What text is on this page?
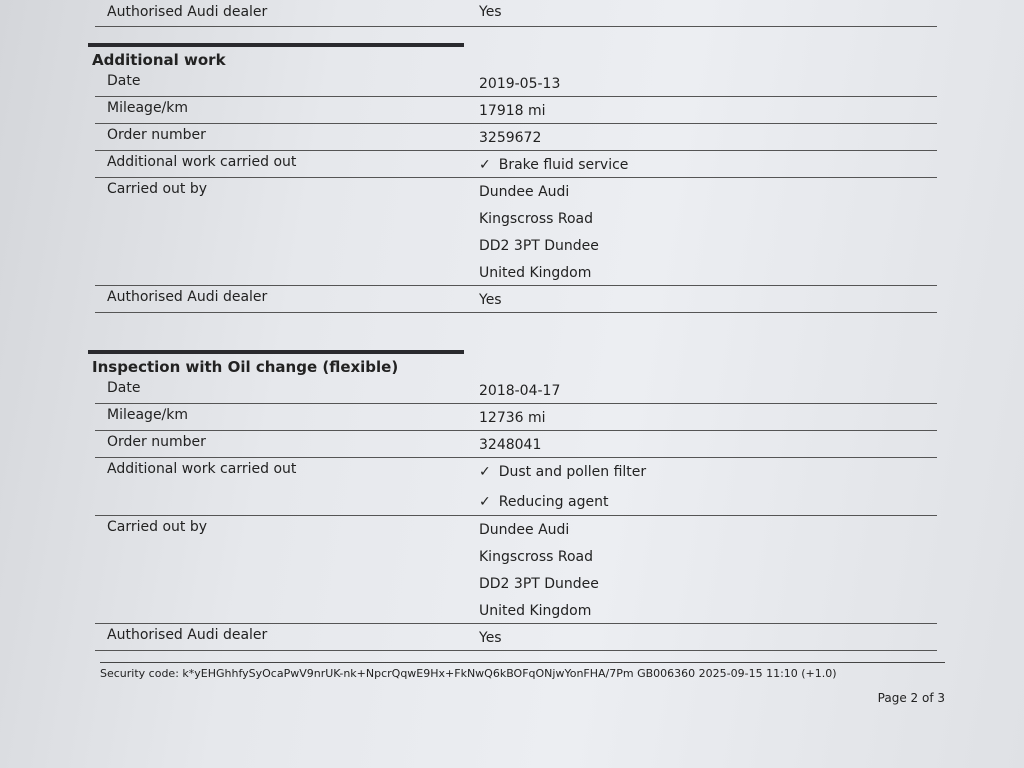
Authorised Audi dealer	Yes
Additional work
Date	2019-05-13
Mileage/km	17918 mi
Order number	3259672
Additional work carried out	✓ Brake fluid service
Carried out by	Dundee Audi
Kingscross Road
DD2 3PT Dundee
United Kingdom
Authorised Audi dealer	Yes
Inspection with Oil change (flexible)
Date	2018-04-17
Mileage/km	12736 mi
Order number	3248041
Additional work carried out	✓ Dust and pollen filter
✓ Reducing agent
Carried out by	Dundee Audi
Kingscross Road
DD2 3PT Dundee
United Kingdom
Authorised Audi dealer	Yes
Security code: k*yEHGhhfySyOcaPwV9nrUK-nk+NpcrQqwE9Hx+FkNwQ6kBOFqONjwYonFHA/7Pm GB006360 2025-09-15 11:10 (+1.0)
Page 2 of 3
